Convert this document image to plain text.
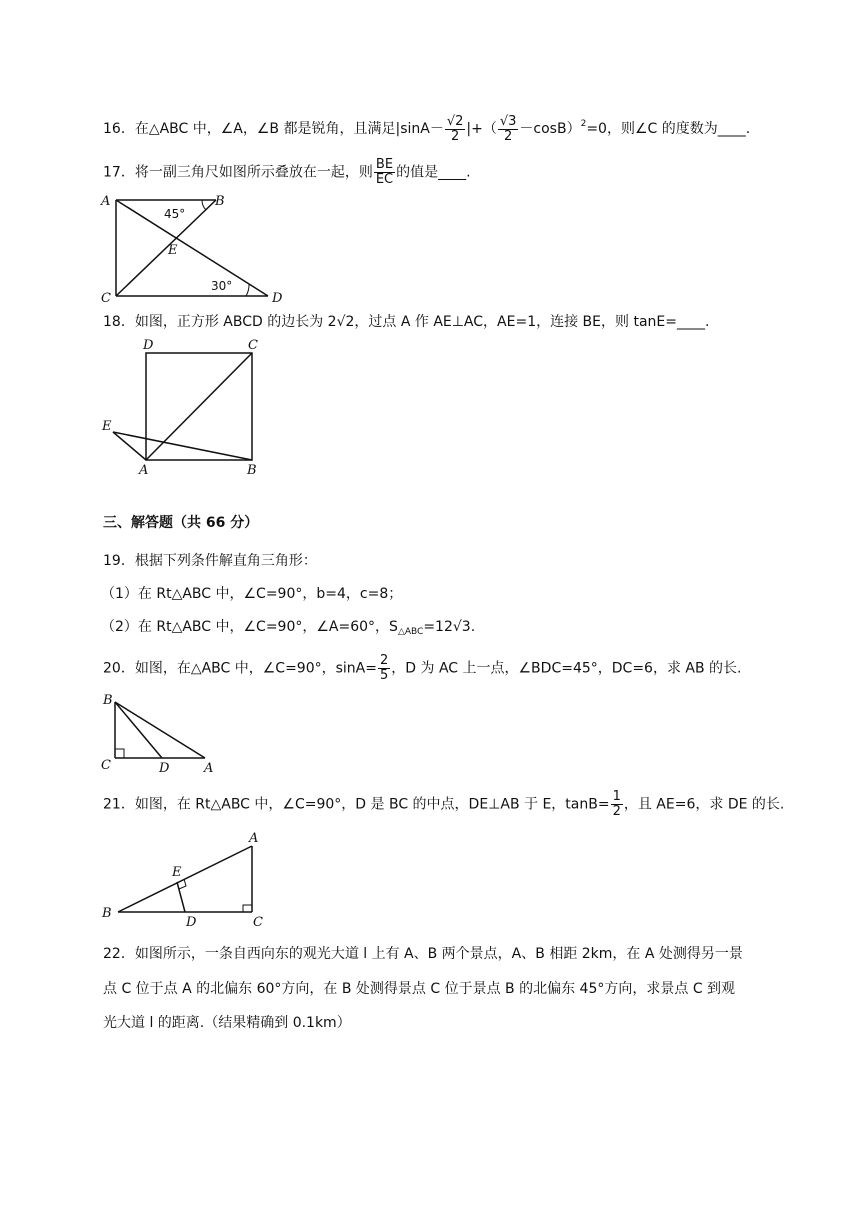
16．在△ABC 中，∠A，∠B 都是锐角，且满足$|\sin A- \frac{√2}{2}$ |+（ $\frac{√3}{2} -\cos B)^2=0$，则∠C 的度数为____.
17．将一副三角尺如图所示叠放在一起，则 $\frac{BE}{EC}$ 的值是____.
A	B
C	D
E
45°
30°
18．如图，正方形 ABCD 的边长为 2√2，过点 A 作 AE⊥AC，AE=1，连接 BE，则 tanE=____.
D	C
E
A	B
三、解答题（共 66 分）
19．根据下列条件解直角三角形：
（1）在 Rt△ABC 中，∠C=90°，b=4，c=8；
（2）在 Rt△ABC 中，∠C=90°，∠A=60°，$S_{\triangle ABC}=12√3$.
20．如图，在△ABC 中，∠C=90°，$\sin A= \frac{2}{5}$ ，D 为 AC 上一点，∠BDC=45°，DC=6，求 AB 的长.
B
C	D	A
21．如图，在 Rt△ABC 中，∠C=90°，D 是 BC 的中点，DE⊥AB 于 E，$\tan B= \frac{1}{2}$ ，且 AE=6，求 DE 的长.
A
E
B
D	C
22．如图所示，一条自西向东的观光大道 l 上有 A、B 两个景点，A、B 相距 2km，在 A 处测得另一景
点 C 位于点 A 的北偏东 60°方向，在 B 处测得景点 C 位于景点 B 的北偏东 45°方向，求景点 C 到观
光大道 l 的距离.（结果精确到 0.1km）
